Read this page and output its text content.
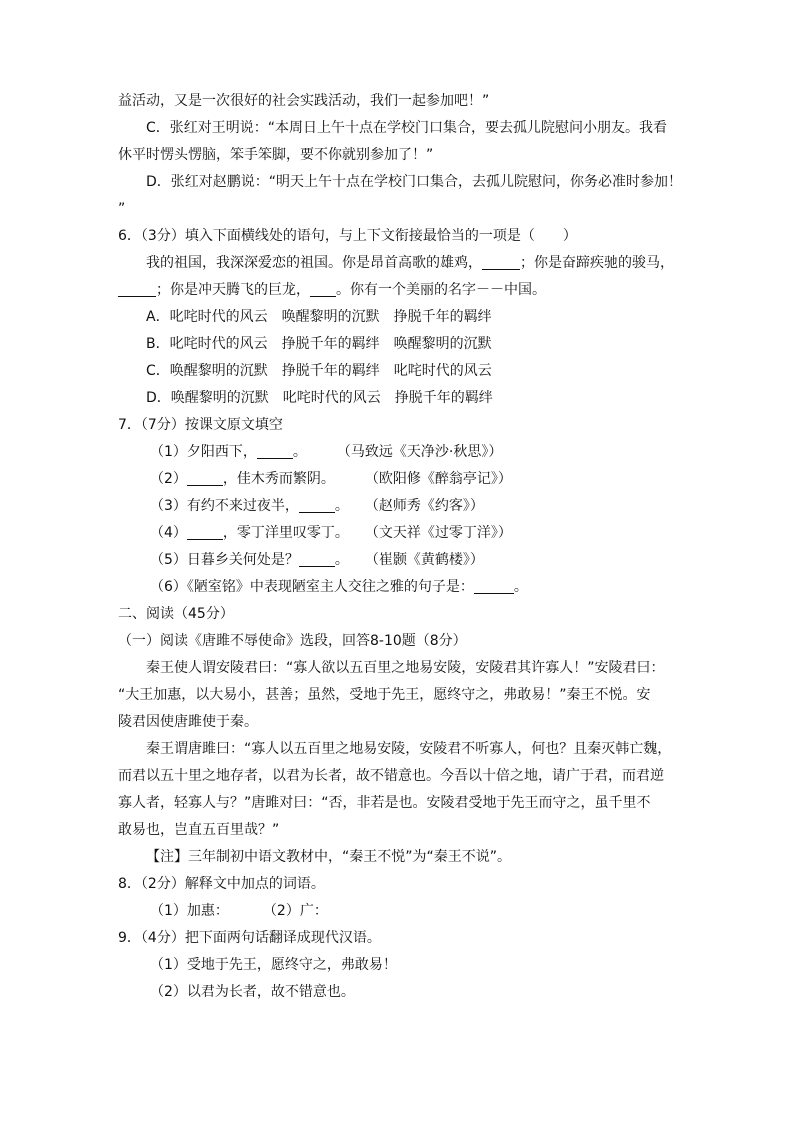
益活动，又是一次很好的社会实践活动，我们一起参加吧！”
C．张红对王明说：“本周日上午十点在学校门口集合，要去孤儿院慰问小朋友。我看
休平时愣头愣脑，笨手笨脚，要不你就别参加了！”
D．张红对赵鹏说：“明天上午十点在学校门口集合，去孤儿院慰问，你务必准时参加！
”
6．（3分）填入下面横线处的语句，与上下文衔接最恰当的一项是（　　）
我的祖国，我深深爱恋的祖国。你是昂首高歌的雄鸡，	；你是奋蹄疾驰的骏马，
；你是冲天腾飞的巨龙， 。你有一个美丽的名字－－中国。
A．叱咤时代的风云　唤醒黎明的沉默　挣脱千年的羁绊
B．叱咤时代的风云　挣脱千年的羁绊　唤醒黎明的沉默
C．唤醒黎明的沉默　挣脱千年的羁绊　叱咤时代的风云
D．唤醒黎明的沉默　叱咤时代的风云　挣脱千年的羁绊
7．（7分）按课文原文填空
（1）夕阳西下，	。 （马致远《天净沙·秋思》）
（2）	，佳木秀而繁阴。 （欧阳修《醉翁亭记》）
（3）有约不来过夜半，	。 （赵师秀《约客》）
（4）	，零丁洋里叹零丁。 （文天祥《过零丁洋》）
（5）日暮乡关何处是？	。 （崔颢《黄鹤楼》）
（6）《陋室铭》中表现陋室主人交往之雅的句子是：	。
二、阅读（45分）
（一）阅读《唐雎不辱使命》选段，回答8-10题（8分）
秦王使人谓安陵君曰：“寡人欲以五百里之地易安陵，安陵君其许寡人！”安陵君曰：
“大王加惠，以大易小，甚善；虽然，受地于先王，愿终守之，弗敢易！”秦王不悦。安
陵君因使唐雎使于秦。
秦王谓唐雎曰：“寡人以五百里之地易安陵，安陵君不听寡人，何也？且秦灭韩亡魏，
而君以五十里之地存者，以君为长者，故不错意也。今吾以十倍之地，请广于君，而君逆
寡人者，轻寡人与？”唐雎对曰：“否，非若是也。安陵君受地于先王而守之，虽千里不
敢易也，岂直五百里哉？”
【注】三年制初中语文教材中，“秦王不悦”为“秦王不说”。
8．（2分）解释文中加点的词语。
（1）加惠： （2）广：
9．（4分）把下面两句话翻译成现代汉语。
（1）受地于先王，愿终守之，弗敢易！
（2）以君为长者，故不错意也。
